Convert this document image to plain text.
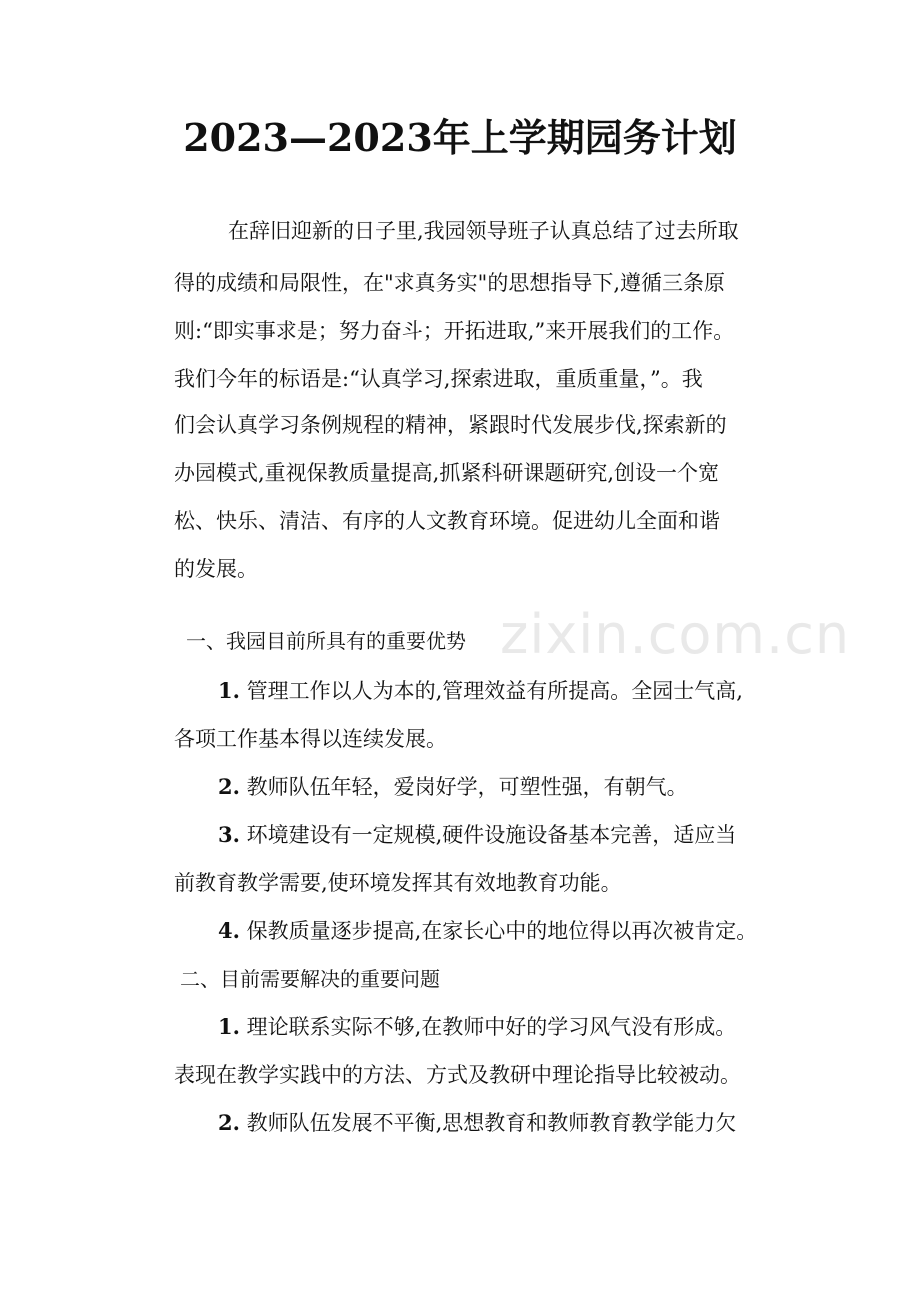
zixin.com.cn
2023—2023年上学期园务计划
在辞旧迎新的日子里,我园领导班子认真总结了过去所取
得的成绩和局限性，在"求真务实"的思想指导下,遵循三条原
则:“即实事求是；努力奋斗；开拓进取,”来开展我们的工作。
我们今年的标语是:“认真学习,探索进取，重质重量，”。我
们会认真学习条例规程的精神，紧跟时代发展步伐,探索新的
办园模式,重视保教质量提高,抓紧科研课题研究,创设一个宽
松、快乐、清洁、有序的人文教育环境。促进幼儿全面和谐
的发展。
一、我园目前所具有的重要优势
1. 管理工作以人为本的,管理效益有所提高。全园士气高,
各项工作基本得以连续发展。
2. 教师队伍年轻，爱岗好学，可塑性强，有朝气。
3. 环境建设有一定规模,硬件设施设备基本完善，适应当
前教育教学需要,使环境发挥其有效地教育功能。
4. 保教质量逐步提高,在家长心中的地位得以再次被肯定。
二、目前需要解决的重要问题
1. 理论联系实际不够,在教师中好的学习风气没有形成。
表现在教学实践中的方法、方式及教研中理论指导比较被动。
2. 教师队伍发展不平衡,思想教育和教师教育教学能力欠
